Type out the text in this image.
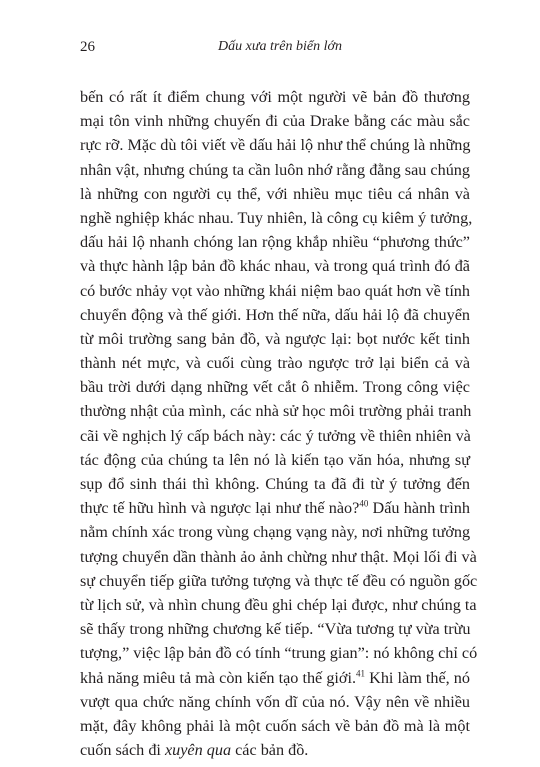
26	Dấu xưa trên biển lớn
bến có rất ít điểm chung với một người vẽ bản đồ thương
mại tôn vinh những chuyến đi của Drake bằng các màu sắc
rực rỡ. Mặc dù tôi viết về dấu hải lộ như thể chúng là những
nhân vật, nhưng chúng ta cần luôn nhớ rằng đằng sau chúng
là những con người cụ thể, với nhiều mục tiêu cá nhân và
nghề nghiệp khác nhau. Tuy nhiên, là công cụ kiêm ý tưởng,
dấu hải lộ nhanh chóng lan rộng khắp nhiều “phương thức”
và thực hành lập bản đồ khác nhau, và trong quá trình đó đã
có bước nhảy vọt vào những khái niệm bao quát hơn về tính
chuyển động và thế giới. Hơn thế nữa, dấu hải lộ đã chuyển
từ môi trường sang bản đồ, và ngược lại: bọt nước kết tinh
thành nét mực, và cuối cùng trào ngược trở lại biển cả và
bầu trời dưới dạng những vết cắt ô nhiễm. Trong công việc
thường nhật của mình, các nhà sử học môi trường phải tranh
cãi về nghịch lý cấp bách này: các ý tưởng về thiên nhiên và
tác động của chúng ta lên nó là kiến tạo văn hóa, nhưng sự
sụp đổ sinh thái thì không. Chúng ta đã đi từ ý tưởng đến
thực tế hữu hình và ngược lại như thế nào?$^{40}$ Dấu hành trình
nằm chính xác trong vùng chạng vạng này, nơi những tưởng
tượng chuyển dần thành ảo ảnh chừng như thật. Mọi lối đi và
sự chuyển tiếp giữa tưởng tượng và thực tế đều có nguồn gốc
từ lịch sử, và nhìn chung đều ghi chép lại được, như chúng ta
sẽ thấy trong những chương kế tiếp. “Vừa tương tự vừa trừu
tượng,” việc lập bản đồ có tính “trung gian”: nó không chỉ có
khả năng miêu tả mà còn kiến tạo thế giới.$^{41}$ Khi làm thế, nó
vượt qua chức năng chính vốn dĩ của nó. Vậy nên về nhiều
mặt, đây không phải là một cuốn sách về bản đồ mà là một
cuốn sách đi xuyên qua các bản đồ.
